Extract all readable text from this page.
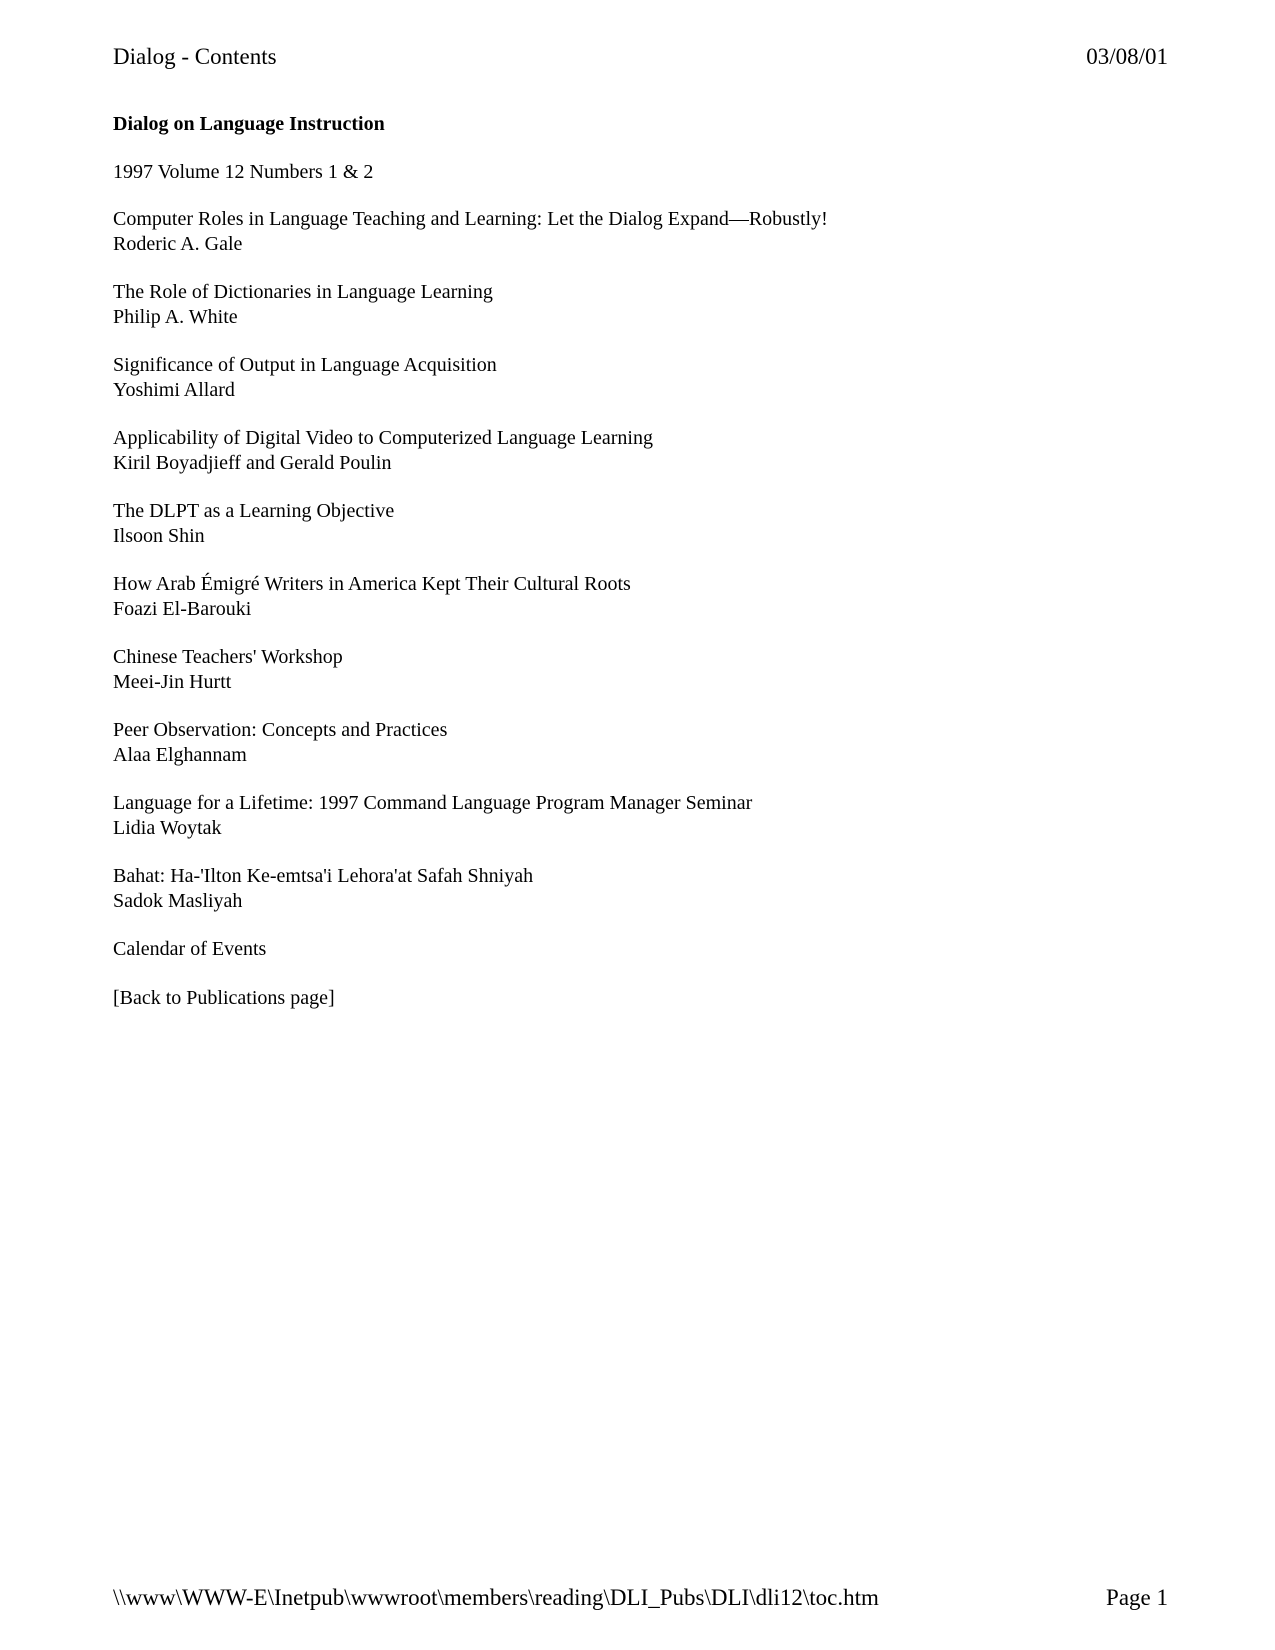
Dialog - Contents	03/08/01
Dialog on Language Instruction
1997 Volume 12 Numbers 1 & 2
Computer Roles in Language Teaching and Learning: Let the Dialog Expand—Robustly!
Roderic A. Gale
The Role of Dictionaries in Language Learning
Philip A. White
Significance of Output in Language Acquisition
Yoshimi Allard
Applicability of Digital Video to Computerized Language Learning
Kiril Boyadjieff and Gerald Poulin
The DLPT as a Learning Objective
Ilsoon Shin
How Arab Émigré Writers in America Kept Their Cultural Roots
Foazi El-Barouki
Chinese Teachers' Workshop
Meei-Jin Hurtt
Peer Observation: Concepts and Practices
Alaa Elghannam
Language for a Lifetime: 1997 Command Language Program Manager Seminar
Lidia Woytak
Bahat: Ha-'Ilton Ke-emtsa'i Lehora'at Safah Shniyah
Sadok Masliyah
Calendar of Events
[Back to Publications page]
\\www\WWW-E\Inetpub\wwwroot\members\reading\DLI_Pubs\DLI\dli12\toc.htm	Page 1
